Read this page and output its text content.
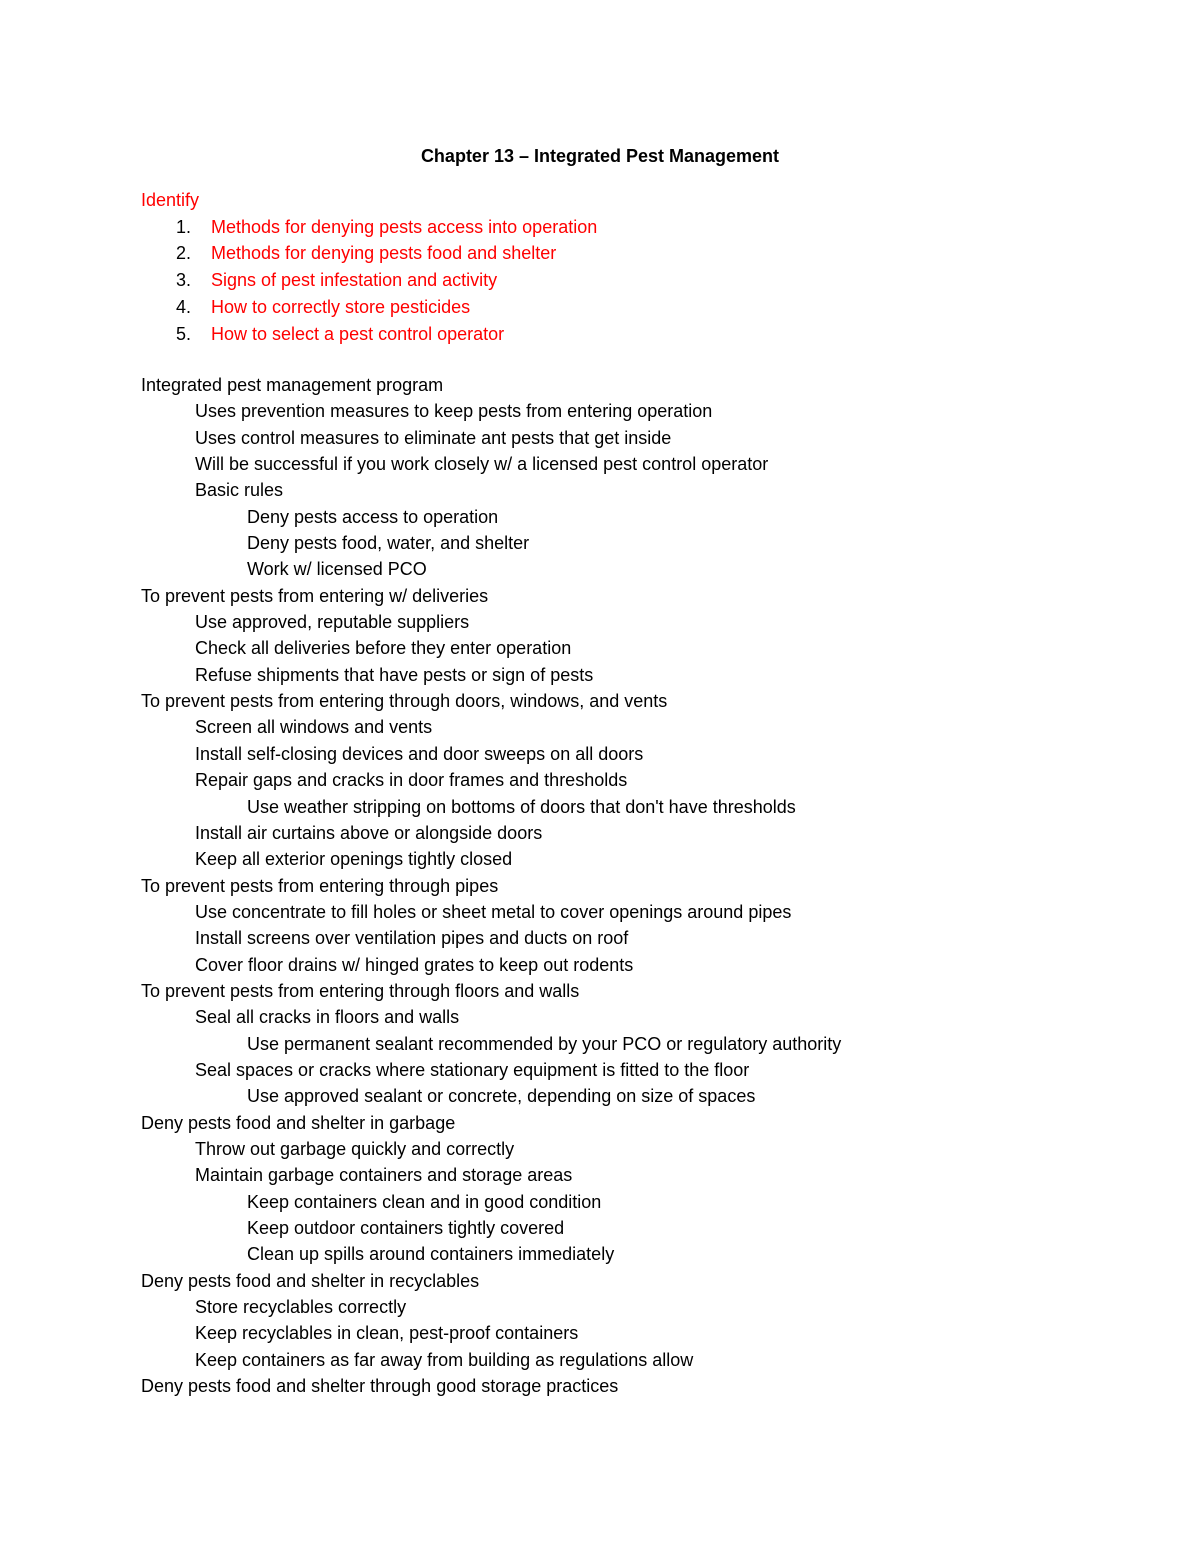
Chapter 13 – Integrated Pest Management
Identify
1. Methods for denying pests access into operation
2. Methods for denying pests food and shelter
3. Signs of pest infestation and activity
4. How to correctly store pesticides
5. How to select a pest control operator
Integrated pest management program
Uses prevention measures to keep pests from entering operation
Uses control measures to eliminate ant pests that get inside
Will be successful if you work closely w/ a licensed pest control operator
Basic rules
Deny pests access to operation
Deny pests food, water, and shelter
Work w/ licensed PCO
To prevent pests from entering w/ deliveries
Use approved, reputable suppliers
Check all deliveries before they enter operation
Refuse shipments that have pests or sign of pests
To prevent pests from entering through doors, windows, and vents
Screen all windows and vents
Install self-closing devices and door sweeps on all doors
Repair gaps and cracks in door frames and thresholds
Use weather stripping on bottoms of doors that don't have thresholds
Install air curtains above or alongside doors
Keep all exterior openings tightly closed
To prevent pests from entering through pipes
Use concentrate to fill holes or sheet metal to cover openings around pipes
Install screens over ventilation pipes and ducts on roof
Cover floor drains w/ hinged grates to keep out rodents
To prevent pests from entering through floors and walls
Seal all cracks in floors and walls
Use permanent sealant recommended by your PCO or regulatory authority
Seal spaces or cracks where stationary equipment is fitted to the floor
Use approved sealant or concrete, depending on size of spaces
Deny pests food and shelter in garbage
Throw out garbage quickly and correctly
Maintain garbage containers and storage areas
Keep containers clean and in good condition
Keep outdoor containers tightly covered
Clean up spills around containers immediately
Deny pests food and shelter in recyclables
Store recyclables correctly
Keep recyclables in clean, pest-proof containers
Keep containers as far away from building as regulations allow
Deny pests food and shelter through good storage practices
